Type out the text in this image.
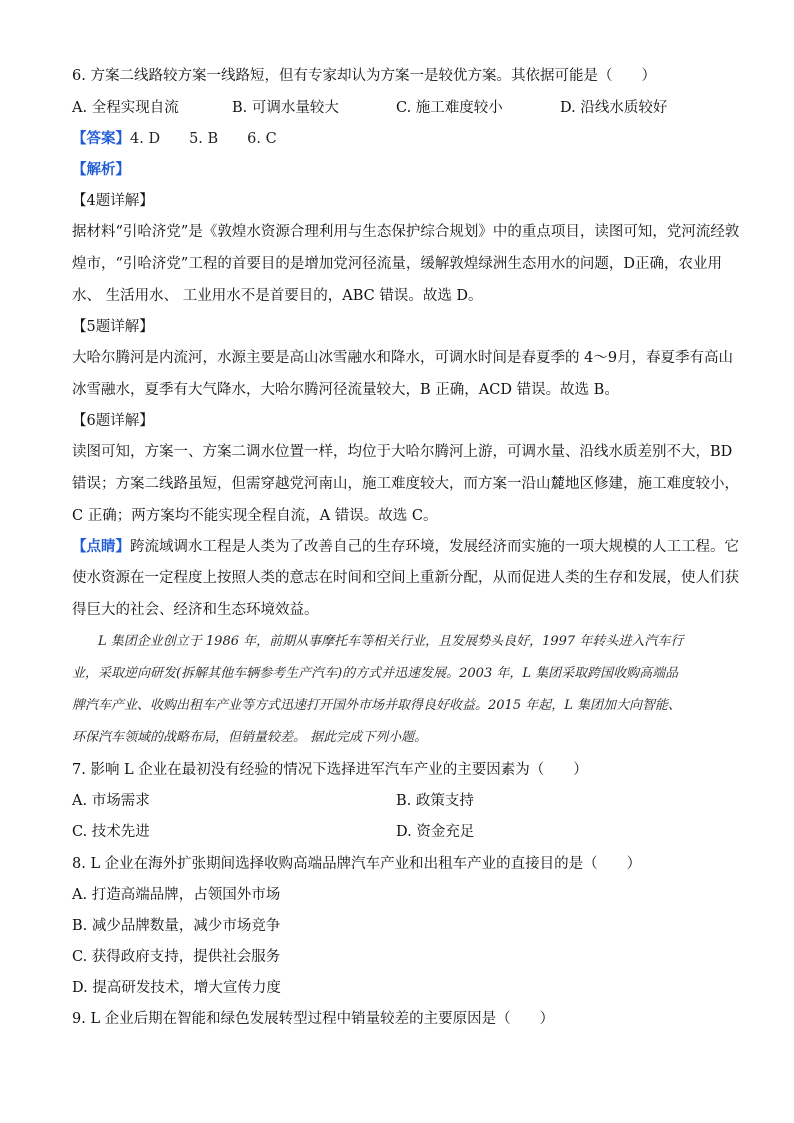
6. 方案二线路较方案一线路短，但有专家却认为方案一是较优方案。其依据可能是（　　）
A. 全程实现自流	B. 可调水量较大	C. 施工难度较小	D. 沿线水质较好
【答案】4. D　　5. B　　6. C
【解析】
【4题详解】
据材料“引哈济党”是《敦煌水资源合理利用与生态保护综合规划》中的重点项目，读图可知，党河流经敦
煌市，“引哈济党”工程的首要目的是增加党河径流量，缓解敦煌绿洲生态用水的问题，D正确，农业用
水、 生活用水、 工业用水不是首要目的，ABC 错误。故选 D。
【5题详解】
大哈尔腾河是内流河，水源主要是高山冰雪融水和降水，可调水时间是春夏季的 4～9月，春夏季有高山
冰雪融水，夏季有大气降水，大哈尔腾河径流量较大，B 正确，ACD 错误。故选 B。
【6题详解】
读图可知，方案一、方案二调水位置一样，均位于大哈尔腾河上游，可调水量、沿线水质差别不大，BD
错误；方案二线路虽短，但需穿越党河南山，施工难度较大，而方案一沿山麓地区修建，施工难度较小，
C 正确；两方案均不能实现全程自流，A 错误。故选 C。
【点睛】跨流域调水工程是人类为了改善自己的生存环境，发展经济而实施的一项大规模的人工工程。它
使水资源在一定程度上按照人类的意志在时间和空间上重新分配，从而促进人类的生存和发展，使人们获
得巨大的社会、经济和生态环境效益。
　　L 集团企业创立于 1986 年，前期从事摩托车等相关行业，且发展势头良好，1997 年转头进入汽车行
业，采取逆向研发(拆解其他车辆参考生产汽车)的方式并迅速发展。2003 年，L 集团采取跨国收购高端品
牌汽车产业、收购出租车产业等方式迅速打开国外市场并取得良好收益。2015 年起，L 集团加大向智能、
环保汽车领域的战略布局，但销量较差。 据此完成下列小题。
7. 影响 L 企业在最初没有经验的情况下选择进军汽车产业的主要因素为（　　）
A. 市场需求	B. 政策支持
C. 技术先进	D. 资金充足
8. L 企业在海外扩张期间选择收购高端品牌汽车产业和出租车产业的直接目的是（　　）
A. 打造高端品牌，占领国外市场
B. 减少品牌数量，减少市场竞争
C. 获得政府支持，提供社会服务
D. 提高研发技术，增大宣传力度
9. L 企业后期在智能和绿色发展转型过程中销量较差的主要原因是（　　）
